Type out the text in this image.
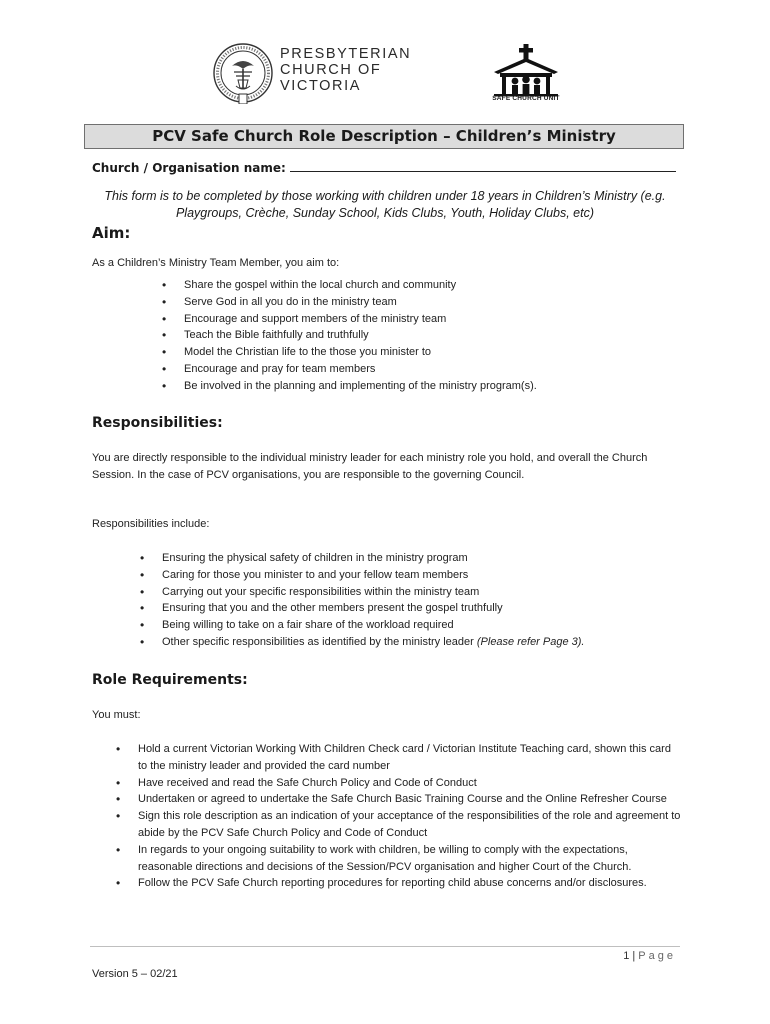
PRESBYTERIAN
CHURCH OF
VICTORIA
SAFE CHURCH UNIT
PCV Safe Church Role Description – Children’s Ministry
Church / Organisation name:
This form is to be completed by those working with children under 18 years in Children’s Ministry (e.g. Playgroups, Crèche, Sunday School, Kids Clubs, Youth, Holiday Clubs, etc)
Aim:
As a Children’s Ministry Team Member, you aim to:
• Share the gospel within the local church and community
• Serve God in all you do in the ministry team
• Encourage and support members of the ministry team
• Teach the Bible faithfully and truthfully
• Model the Christian life to the those you minister to
• Encourage and pray for team members
• Be involved in the planning and implementing of the ministry program(s).
Responsibilities:
You are directly responsible to the individual ministry leader for each ministry role you hold, and overall the Church Session. In the case of PCV organisations, you are responsible to the governing Council.
Responsibilities include:
• Ensuring the physical safety of children in the ministry program
• Caring for those you minister to and your fellow team members
• Carrying out your specific responsibilities within the ministry team
• Ensuring that you and the other members present the gospel truthfully
• Being willing to take on a fair share of the workload required
• Other specific responsibilities as identified by the ministry leader (Please refer Page 3).
Role Requirements:
You must:
• Hold a current Victorian Working With Children Check card / Victorian Institute Teaching card, shown this card to the ministry leader and provided the card number
• Have received and read the Safe Church Policy and Code of Conduct
• Undertaken or agreed to undertake the Safe Church Basic Training Course and the Online Refresher Course
• Sign this role description as an indication of your acceptance of the responsibilities of the role and agreement to abide by the PCV Safe Church Policy and Code of Conduct
• In regards to your ongoing suitability to work with children, be willing to comply with the expectations, reasonable directions and decisions of the Session/PCV organisation and higher Court of the Church.
• Follow the PCV Safe Church reporting procedures for reporting child abuse concerns and/or disclosures.
1 | Page
Version 5 – 02/21
